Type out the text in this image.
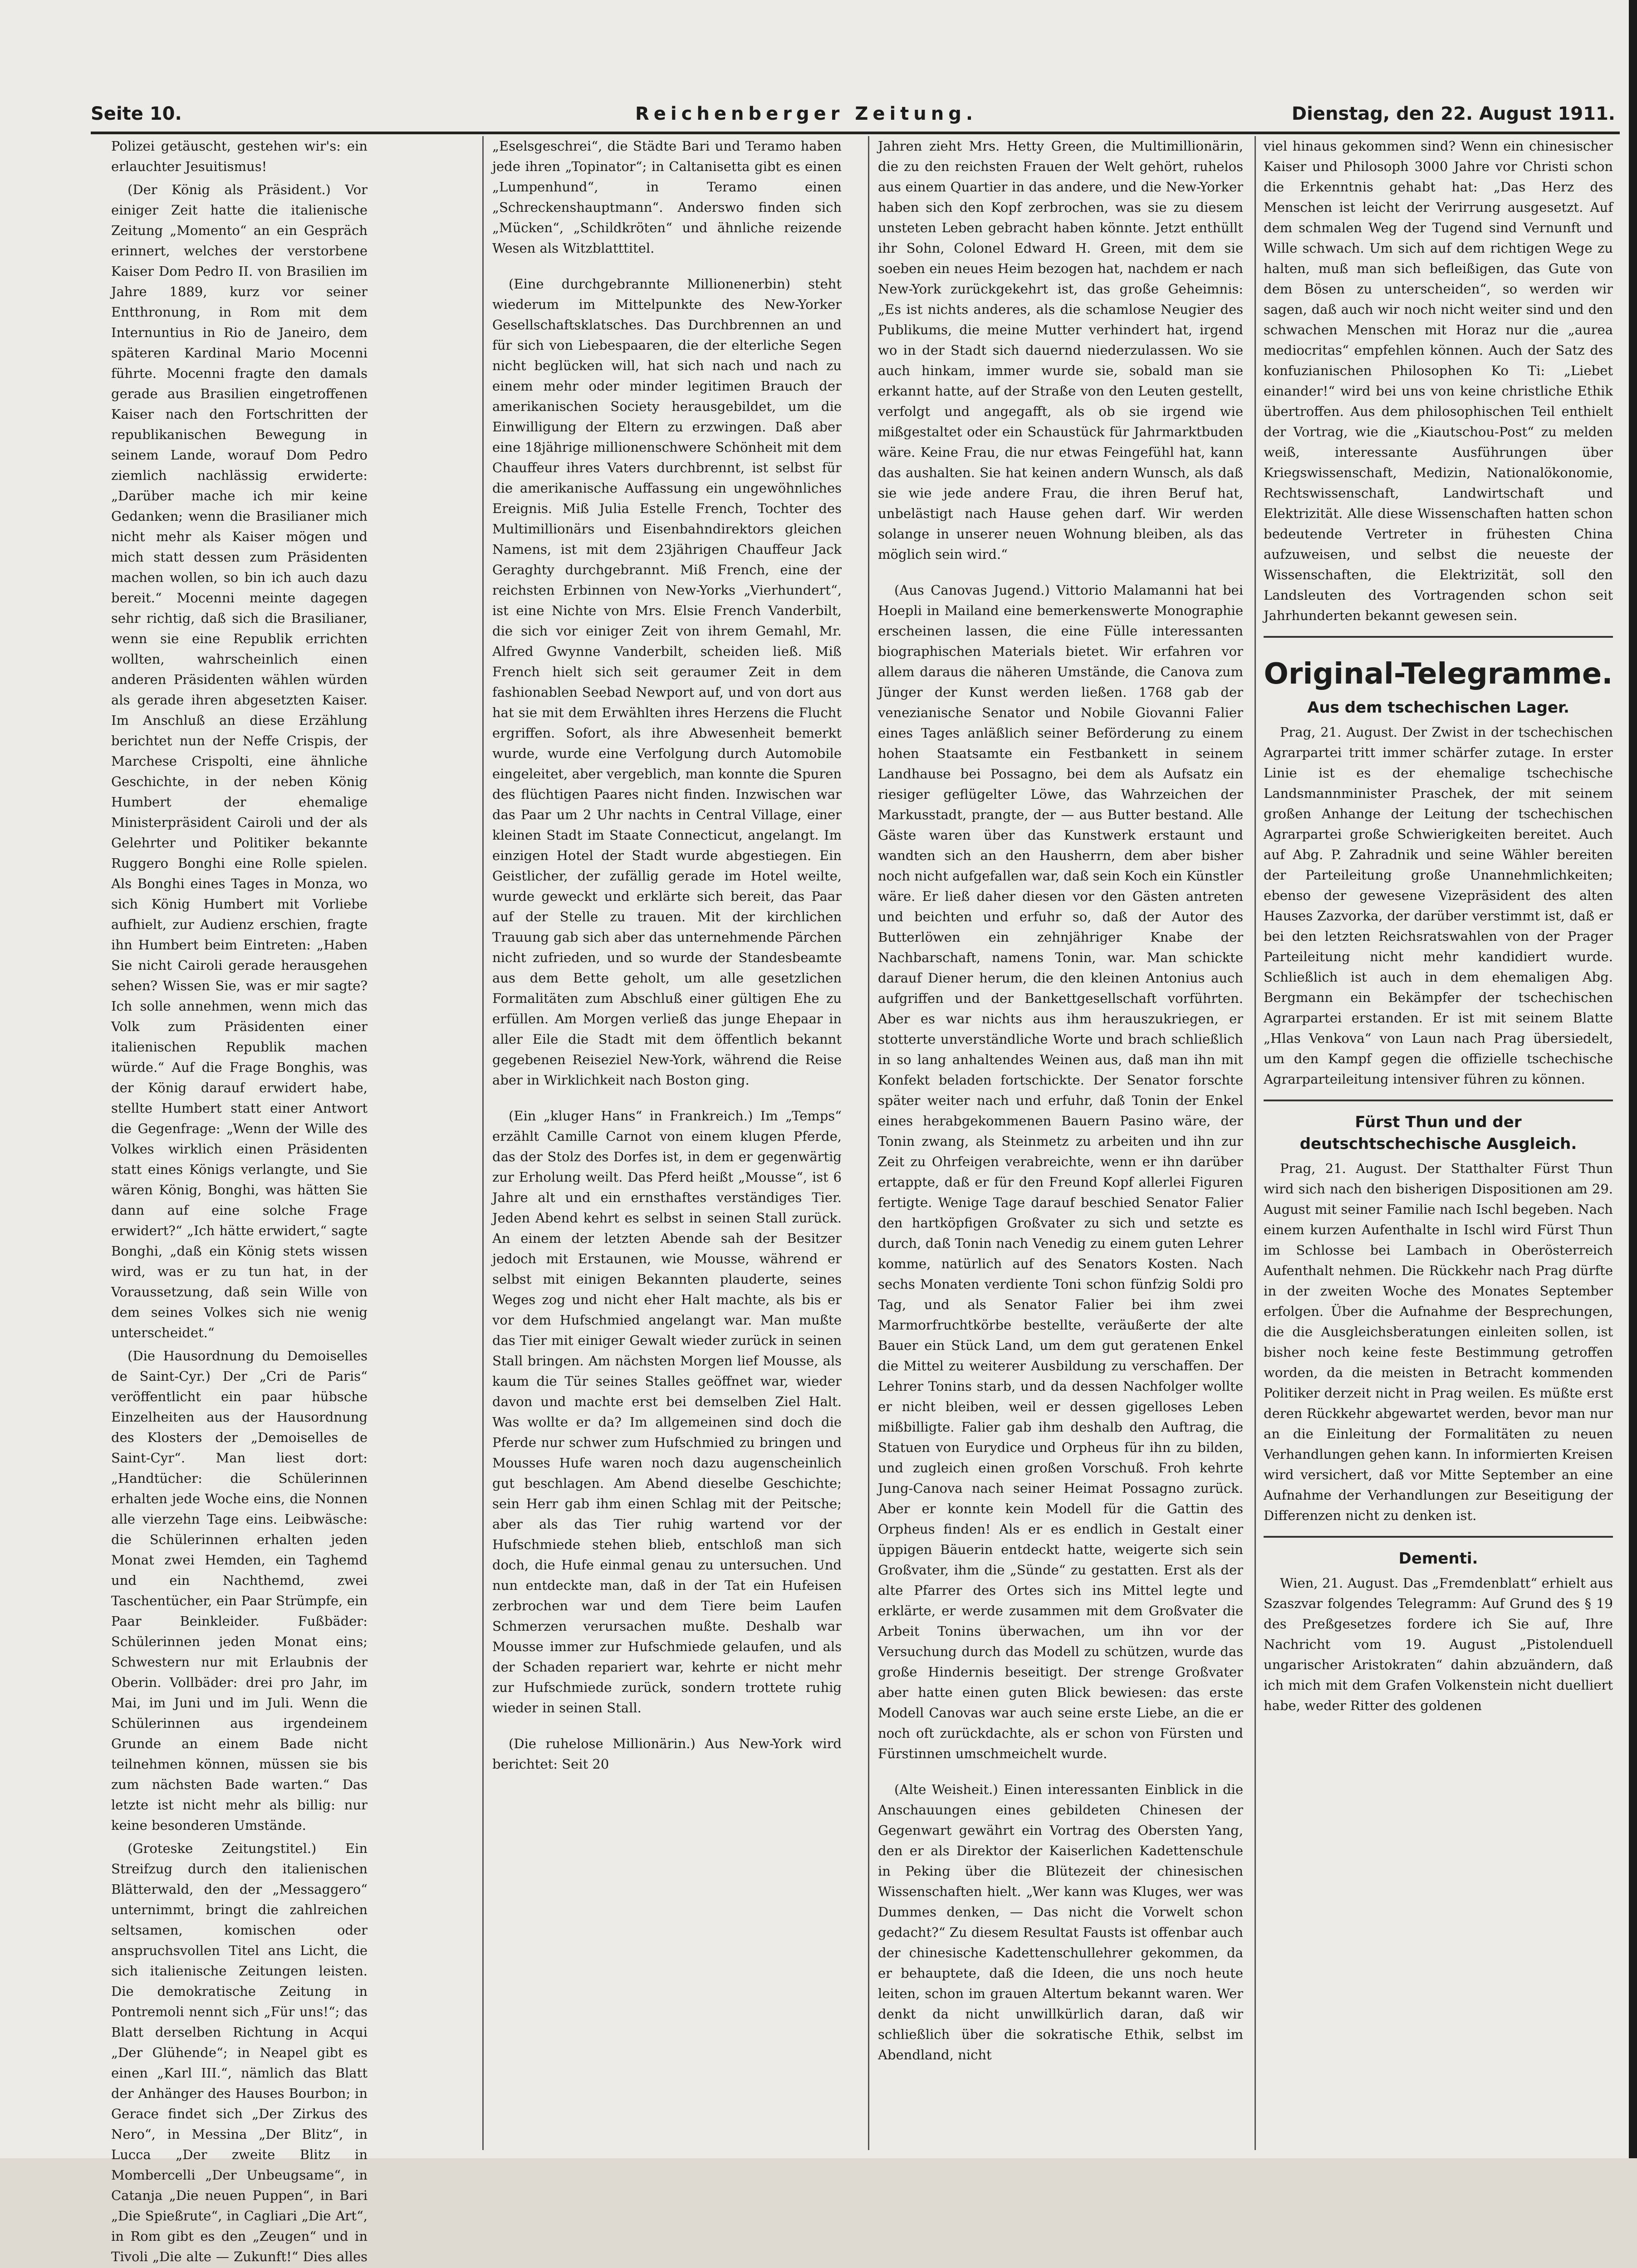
Seite 10.	Reichenberger Zeitung.	Dienstag, den 22. August 1911.

Polizei getäuscht, gestehen wir's: ein erlauchter Jesuitismus!

(Der König als Präsident.) Vor einiger Zeit hatte die italienische Zeitung „Momento“ an ein Gespräch erinnert, welches der verstorbene Kaiser Dom Pedro II. von Brasilien im Jahre 1889, kurz vor seiner Entthronung, in Rom mit dem Internuntius in Rio de Janeiro, dem späteren Kardinal Mario Mocenni führte. Mocenni fragte den damals gerade aus Brasilien eingetroffenen Kaiser nach den Fortschritten der republikanischen Bewegung in seinem Lande, worauf Dom Pedro ziemlich nachlässig erwiderte: „Darüber mache ich mir keine Gedanken; wenn die Brasilianer mich nicht mehr als Kaiser mögen und mich statt dessen zum Präsidenten machen wollen, so bin ich auch dazu bereit.“ Mocenni meinte dagegen sehr richtig, daß sich die Brasilianer, wenn sie eine Republik errichten wollten, wahrscheinlich einen anderen Präsidenten wählen würden als gerade ihren abgesetzten Kaiser. Im Anschluß an diese Erzählung berichtet nun der Neffe Crispis, der Marchese Crispolti, eine ähnliche Geschichte, in der neben König Humbert der ehemalige Ministerpräsident Cairoli und der als Gelehrter und Politiker bekannte Ruggero Bonghi eine Rolle spielen. Als Bonghi eines Tages in Monza, wo sich König Humbert mit Vorliebe aufhielt, zur Audienz erschien, fragte ihn Humbert beim Eintreten: „Haben Sie nicht Cairoli gerade herausgehen sehen? Wissen Sie, was er mir sagte? Ich solle annehmen, wenn mich das Volk zum Präsidenten einer italienischen Republik machen würde.“ Auf die Frage Bonghis, was der König darauf erwidert habe, stellte Humbert statt einer Antwort die Gegenfrage: „Wenn der Wille des Volkes wirklich einen Präsidenten statt eines Königs verlangte, und Sie wären König, Bonghi, was hätten Sie dann auf eine solche Frage erwidert?“ „Ich hätte erwidert,“ sagte Bonghi, „daß ein König stets wissen wird, was er zu tun hat, in der Voraussetzung, daß sein Wille von dem seines Volkes sich nie wenig unterscheidet.“

(Die Hausordnung du Demoiselles de Saint-Cyr.) Der „Cri de Paris“ veröffentlicht ein paar hübsche Einzelheiten aus der Hausordnung des Klosters der „Demoiselles de Saint-Cyr“. Man liest dort: „Handtücher: die Schülerinnen erhalten jede Woche eins, die Nonnen alle vierzehn Tage eins. Leibwäsche: die Schülerinnen erhalten jeden Monat zwei Hemden, ein Taghemd und ein Nachthemd, zwei Taschentücher, ein Paar Strümpfe, ein Paar Beinkleider. Fußbäder: Schülerinnen jeden Monat eins; Schwestern nur mit Erlaubnis der Oberin. Vollbäder: drei pro Jahr, im Mai, im Juni und im Juli. Wenn die Schülerinnen aus irgendeinem Grunde an einem Bade nicht teilnehmen können, müssen sie bis zum nächsten Bade warten.“ Das letzte ist nicht mehr als billig: nur keine besonderen Umstände.

(Groteske Zeitungstitel.) Ein Streifzug durch den italienischen Blätterwald, den der „Messaggero“ unternimmt, bringt die zahlreichen seltsamen, komischen oder anspruchsvollen Titel ans Licht, die sich italienische Zeitungen leisten. Die demokratische Zeitung in Pontremoli nennt sich „Für uns!“; das Blatt derselben Richtung in Acqui „Der Glühende“; in Neapel gibt es einen „Karl III.“, nämlich das Blatt der Anhänger des Hauses Bourbon; in Gerace findet sich „Der Zirkus des Nero“, in Messina „Der Blitz“, in Lucca „Der zweite Blitz in Mombercelli „Der Unbeugsame“, in Catanja „Die neuen Puppen“, in Bari „Die Spießrute“, in Cagliari „Die Art“, in Rom gibt es den „Zeugen“ und in Tivoli „Die alte — Zukunft!“ Dies alles

„Eselsgeschrei“, die Städte Bari und Teramo haben jede ihren „Topinator“; in Caltanisetta gibt es einen „Lumpenhund“, in Teramo einen „Schreckenshauptmann“. Anderswo finden sich „Mücken“, „Schildkröten“ und ähnliche reizende Wesen als Witzblatttitel.

(Eine durchgebrannte Millionenerbin) steht wiederum im Mittelpunkte des New-Yorker Gesellschaftsklatsches. Das Durchbrennen an und für sich von Liebespaaren, die der elterliche Segen nicht beglücken will, hat sich nach und nach zu einem mehr oder minder legitimen Brauch der amerikanischen Society herausgebildet, um die Einwilligung der Eltern zu erzwingen. Daß aber eine 18jährige millionenschwere Schönheit mit dem Chauffeur ihres Vaters durchbrennt, ist selbst für die amerikanische Auffassung ein ungewöhnliches Ereignis. Miß Julia Estelle French, Tochter des Multimillionärs und Eisenbahndirektors gleichen Namens, ist mit dem 23jährigen Chauffeur Jack Geraghty durchgebrannt. Miß French, eine der reichsten Erbinnen von New-Yorks „Vierhundert“, ist eine Nichte von Mrs. Elsie French Vanderbilt, die sich vor einiger Zeit von ihrem Gemahl, Mr. Alfred Gwynne Vanderbilt, scheiden ließ. Miß French hielt sich seit geraumer Zeit in dem fashionablen Seebad Newport auf, und von dort aus hat sie mit dem Erwählten ihres Herzens die Flucht ergriffen. Sofort, als ihre Abwesenheit bemerkt wurde, wurde eine Verfolgung durch Automobile eingeleitet, aber vergeblich, man konnte die Spuren des flüchtigen Paares nicht finden. Inzwischen war das Paar um 2 Uhr nachts in Central Village, einer kleinen Stadt im Staate Connecticut, angelangt. Im einzigen Hotel der Stadt wurde abgestiegen. Ein Geistlicher, der zufällig gerade im Hotel weilte, wurde geweckt und erklärte sich bereit, das Paar auf der Stelle zu trauen. Mit der kirchlichen Trauung gab sich aber das unternehmende Pärchen nicht zufrieden, und so wurde der Standesbeamte aus dem Bette geholt, um alle gesetzlichen Formalitäten zum Abschluß einer gültigen Ehe zu erfüllen. Am Morgen verließ das junge Ehepaar in aller Eile die Stadt mit dem öffentlich bekannt gegebenen Reiseziel New-York, während die Reise aber in Wirklichkeit nach Boston ging.

(Ein „kluger Hans“ in Frankreich.) Im „Temps“ erzählt Camille Carnot von einem klugen Pferde, das der Stolz des Dorfes ist, in dem er gegenwärtig zur Erholung weilt. Das Pferd heißt „Mousse“, ist 6 Jahre alt und ein ernsthaftes verständiges Tier. Jeden Abend kehrt es selbst in seinen Stall zurück. An einem der letzten Abende sah der Besitzer jedoch mit Erstaunen, wie Mousse, während er selbst mit einigen Bekannten plauderte, seines Weges zog und nicht eher Halt machte, als bis er vor dem Hufschmied angelangt war. Man mußte das Tier mit einiger Gewalt wieder zurück in seinen Stall bringen. Am nächsten Morgen lief Mousse, als kaum die Tür seines Stalles geöffnet war, wieder davon und machte erst bei demselben Ziel Halt. Was wollte er da? Im allgemeinen sind doch die Pferde nur schwer zum Hufschmied zu bringen und Mousses Hufe waren noch dazu augenscheinlich gut beschlagen. Am Abend dieselbe Geschichte; sein Herr gab ihm einen Schlag mit der Peitsche; aber als das Tier ruhig wartend vor der Hufschmiede stehen blieb, entschloß man sich doch, die Hufe einmal genau zu untersuchen. Und nun entdeckte man, daß in der Tat ein Hufeisen zerbrochen war und dem Tiere beim Laufen Schmerzen verursachen mußte. Deshalb war Mousse immer zur Hufschmiede gelaufen, und als der Schaden repariert war, kehrte er nicht mehr zur Hufschmiede zurück, sondern trottete ruhig wieder in seinen Stall.

(Die ruhelose Millionärin.) Aus New-York wird berichtet: Seit 20

Jahren zieht Mrs. Hetty Green, die Multimillionärin, die zu den reichsten Frauen der Welt gehört, ruhelos aus einem Quartier in das andere, und die New-Yorker haben sich den Kopf zerbrochen, was sie zu diesem unsteten Leben gebracht haben könnte. Jetzt enthüllt ihr Sohn, Colonel Edward H. Green, mit dem sie soeben ein neues Heim bezogen hat, nachdem er nach New-York zurückgekehrt ist, das große Geheimnis: „Es ist nichts anderes, als die schamlose Neugier des Publikums, die meine Mutter verhindert hat, irgend wo in der Stadt sich dauernd niederzulassen. Wo sie auch hinkam, immer wurde sie, sobald man sie erkannt hatte, auf der Straße von den Leuten gestellt, verfolgt und angegafft, als ob sie irgend wie mißgestaltet oder ein Schaustück für Jahrmarktbuden wäre. Keine Frau, die nur etwas Feingefühl hat, kann das aushalten. Sie hat keinen andern Wunsch, als daß sie wie jede andere Frau, die ihren Beruf hat, unbelästigt nach Hause gehen darf. Wir werden solange in unserer neuen Wohnung bleiben, als das möglich sein wird.“

(Aus Canovas Jugend.) Vittorio Malamanni hat bei Hoepli in Mailand eine bemerkenswerte Monographie erscheinen lassen, die eine Fülle interessanten biographischen Materials bietet. Wir erfahren vor allem daraus die näheren Umstände, die Canova zum Jünger der Kunst werden ließen. 1768 gab der venezianische Senator und Nobile Giovanni Falier eines Tages anläßlich seiner Beförderung zu einem hohen Staatsamte ein Festbankett in seinem Landhause bei Possagno, bei dem als Aufsatz ein riesiger geflügelter Löwe, das Wahrzeichen der Markusstadt, prangte, der — aus Butter bestand. Alle Gäste waren über das Kunstwerk erstaunt und wandten sich an den Hausherrn, dem aber bisher noch nicht aufgefallen war, daß sein Koch ein Künstler wäre. Er ließ daher diesen vor den Gästen antreten und beichten und erfuhr so, daß der Autor des Butterlöwen ein zehnjähriger Knabe der Nachbarschaft, namens Tonin, war. Man schickte darauf Diener herum, die den kleinen Antonius auch aufgriffen und der Bankettgesellschaft vorführten. Aber es war nichts aus ihm herauszukriegen, er stotterte unverständliche Worte und brach schließlich in so lang anhaltendes Weinen aus, daß man ihn mit Konfekt beladen fortschickte. Der Senator forschte später weiter nach und erfuhr, daß Tonin der Enkel eines herabgekommenen Bauern Pasino wäre, der Tonin zwang, als Steinmetz zu arbeiten und ihn zur Zeit zu Ohrfeigen verabreichte, wenn er ihn darüber ertappte, daß er für den Freund Kopf allerlei Figuren fertigte. Wenige Tage darauf beschied Senator Falier den hartköpfigen Großvater zu sich und setzte es durch, daß Tonin nach Venedig zu einem guten Lehrer komme, natürlich auf des Senators Kosten. Nach sechs Monaten verdiente Toni schon fünfzig Soldi pro Tag, und als Senator Falier bei ihm zwei Marmorfruchtkörbe bestellte, veräußerte der alte Bauer ein Stück Land, um dem gut geratenen Enkel die Mittel zu weiterer Ausbildung zu verschaffen. Der Lehrer Tonins starb, und da dessen Nachfolger wollte er nicht bleiben, weil er dessen gigelloses Leben mißbilligte. Falier gab ihm deshalb den Auftrag, die Statuen von Eurydice und Orpheus für ihn zu bilden, und zugleich einen großen Vorschuß. Froh kehrte Jung-Canova nach seiner Heimat Possagno zurück. Aber er konnte kein Modell für die Gattin des Orpheus finden! Als er es endlich in Gestalt einer üppigen Bäuerin entdeckt hatte, weigerte sich sein Großvater, ihm die „Sünde“ zu gestatten. Erst als der alte Pfarrer des Ortes sich ins Mittel legte und erklärte, er werde zusammen mit dem Großvater die Arbeit Tonins überwachen, um ihn vor der Versuchung durch das Modell zu schützen, wurde das große Hindernis beseitigt. Der strenge Großvater aber hatte einen guten Blick bewiesen: das erste Modell Canovas war auch seine erste Liebe, an die er noch oft zurückdachte, als er schon von Fürsten und Fürstinnen umschmeichelt wurde.

(Alte Weisheit.) Einen interessanten Einblick in die Anschauungen eines gebildeten Chinesen der Gegenwart gewährt ein Vortrag des Obersten Yang, den er als Direktor der Kaiserlichen Kadettenschule in Peking über die Blütezeit der chinesischen Wissenschaften hielt. „Wer kann was Kluges, wer was Dummes denken, — Das nicht die Vorwelt schon gedacht?“ Zu diesem Resultat Fausts ist offenbar auch der chinesische Kadettenschullehrer gekommen, da er behauptete, daß die Ideen, die uns noch heute leiten, schon im grauen Altertum bekannt waren. Wer denkt da nicht unwillkürlich daran, daß wir schließlich über die sokratische Ethik, selbst im Abendland, nicht

viel hinaus gekommen sind? Wenn ein chinesischer Kaiser und Philosoph 3000 Jahre vor Christi schon die Erkenntnis gehabt hat: „Das Herz des Menschen ist leicht der Verirrung ausgesetzt. Auf dem schmalen Weg der Tugend sind Vernunft und Wille schwach. Um sich auf dem richtigen Wege zu halten, muß man sich befleißigen, das Gute von dem Bösen zu unterscheiden“, so werden wir sagen, daß auch wir noch nicht weiter sind und den schwachen Menschen mit Horaz nur die „aurea mediocritas“ empfehlen können. Auch der Satz des konfuzianischen Philosophen Ko Ti: „Liebet einander!“ wird bei uns von keine christliche Ethik übertroffen. Aus dem philosophischen Teil enthielt der Vortrag, wie die „Kiautschou-Post“ zu melden weiß, interessante Ausführungen über Kriegswissenschaft, Medizin, Nationalökonomie, Rechtswissenschaft, Landwirtschaft und Elektrizität. Alle diese Wissenschaften hatten schon bedeutende Vertreter in frühesten China aufzuweisen, und selbst die neueste der Wissenschaften, die Elektrizität, soll den Landsleuten des Vortragenden schon seit Jahrhunderten bekannt gewesen sein.

Original-Telegramme.
Aus dem tschechischen Lager.

Prag, 21. August. Der Zwist in der tschechischen Agrarpartei tritt immer schärfer zutage. In erster Linie ist es der ehemalige tschechische Landsmannminister Praschek, der mit seinem großen Anhange der Leitung der tschechischen Agrarpartei große Schwierigkeiten bereitet. Auch auf Abg. P. Zahradnik und seine Wähler bereiten der Parteileitung große Unannehmlichkeiten; ebenso der gewesene Vizepräsident des alten Hauses Zazvorka, der darüber verstimmt ist, daß er bei den letzten Reichsratswahlen von der Prager Parteileitung nicht mehr kandidiert wurde. Schließlich ist auch in dem ehemaligen Abg. Bergmann ein Bekämpfer der tschechischen Agrarpartei erstanden. Er ist mit seinem Blatte „Hlas Venkova“ von Laun nach Prag übersiedelt, um den Kampf gegen die offizielle tschechische Agrarparteileitung intensiver führen zu können.

Fürst Thun und der deutschtschechische Ausgleich.

Prag, 21. August. Der Statthalter Fürst Thun wird sich nach den bisherigen Dispositionen am 29. August mit seiner Familie nach Ischl begeben. Nach einem kurzen Aufenthalte in Ischl wird Fürst Thun im Schlosse bei Lambach in Oberösterreich Aufenthalt nehmen. Die Rückkehr nach Prag dürfte in der zweiten Woche des Monates September erfolgen. Über die Aufnahme der Besprechungen, die die Ausgleichsberatungen einleiten sollen, ist bisher noch keine feste Bestimmung getroffen worden, da die meisten in Betracht kommenden Politiker derzeit nicht in Prag weilen. Es müßte erst deren Rückkehr abgewartet werden, bevor man nur an die Einleitung der Formalitäten zu neuen Verhandlungen gehen kann. In informierten Kreisen wird versichert, daß vor Mitte September an eine Aufnahme der Verhandlungen zur Beseitigung der Differenzen nicht zu denken ist.

Dementi.

Wien, 21. August. Das „Fremdenblatt“ erhielt aus Szaszvar folgendes Telegramm: Auf Grund des § 19 des Preßgesetzes fordere ich Sie auf, Ihre Nachricht vom 19. August „Pistolenduell ungarischer Aristokraten“ dahin abzuändern, daß ich mich mit dem Grafen Volkenstein nicht duelliert habe, weder Ritter des goldenen
